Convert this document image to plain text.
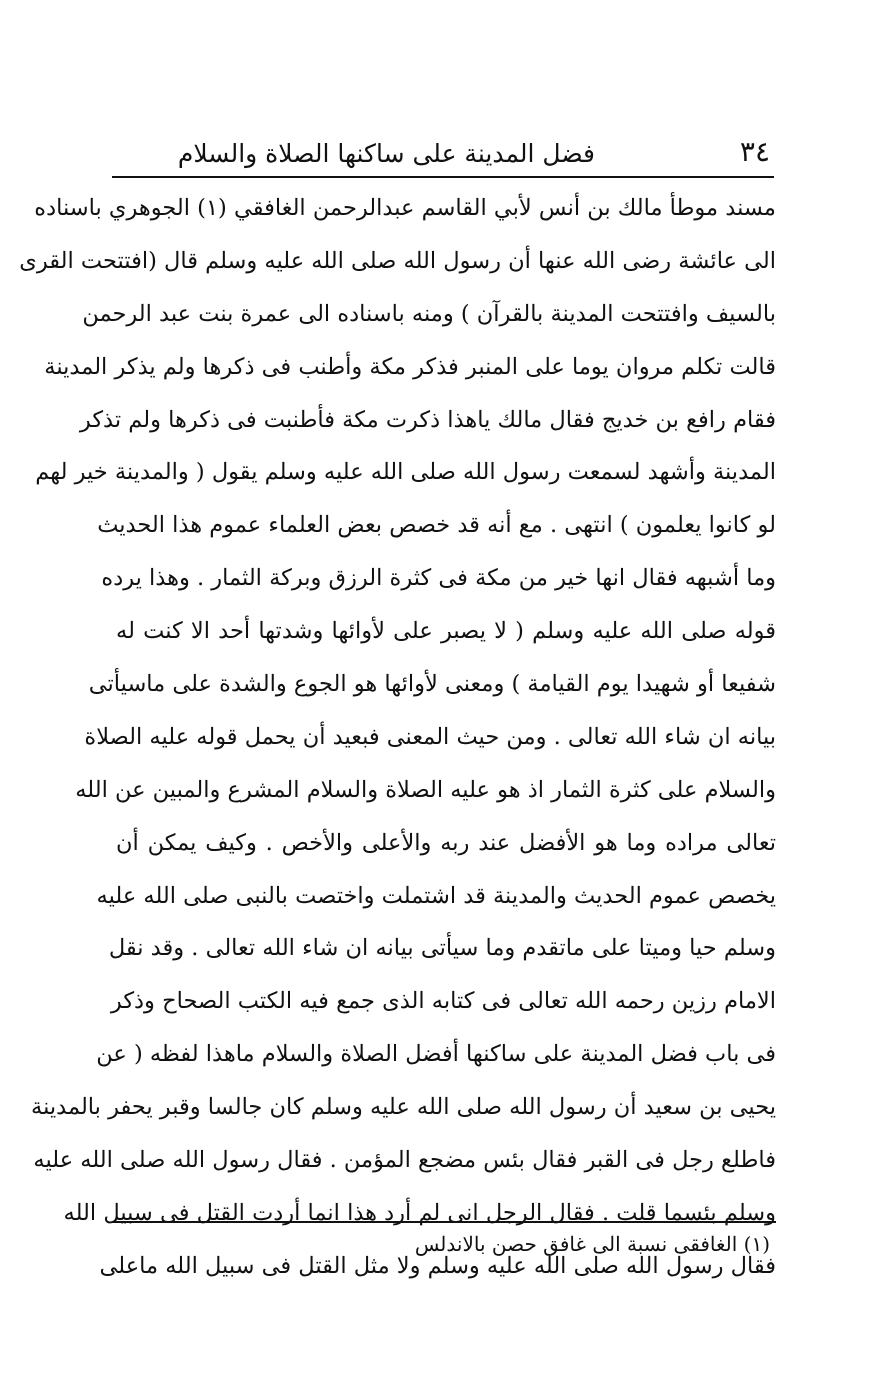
٣٤
فضل المدينة على ساكنها الصلاة والسلام
مسند موطأ مالك بن أنس لأبي القاسم عبدالرحمن الغافقي (١) الجوهري باسناده
الى عائشة رضى الله عنها أن رسول الله صلى الله عليه وسلم قال (افتتحت القرى
بالسيف وافتتحت المدينة بالقرآن ) ومنه باسناده الى عمرة بنت عبد الرحمن
قالت تكلم مروان يوما على المنبر فذكر مكة وأطنب فى ذكرها ولم يذكر المدينة
فقام رافع بن خديج فقال مالك ياهذا ذكرت مكة فأطنبت فى ذكرها ولم تذكر
المدينة وأشهد لسمعت رسول الله صلى الله عليه وسلم يقول ( والمدينة خير لهم
لو كانوا يعلمون ) انتهى . مع أنه قد خصص بعض العلماء عموم هذا الحديث
وما أشبهه فقال انها خير من مكة فى كثرة الرزق وبركة الثمار . وهذا يرده
قوله صلى الله عليه وسلم ( لا يصبر على لأوائها وشدتها أحد الا كنت له
شفيعا أو شهيدا يوم القيامة ) ومعنى لأوائها هو الجوع والشدة على ماسيأتى
بيانه ان شاء الله تعالى . ومن حيث المعنى فبعيد أن يحمل قوله عليه الصلاة
والسلام على كثرة الثمار اذ هو عليه الصلاة والسلام المشرع والمبين عن الله
تعالى مراده وما هو الأفضل عند ربه والأعلى والأخص . وكيف يمكن أن
يخصص عموم الحديث والمدينة قد اشتملت واختصت بالنبى صلى الله عليه
وسلم حيا وميتا على ماتقدم وما سيأتى بيانه ان شاء الله تعالى . وقد نقل
الامام رزين رحمه الله تعالى فى كتابه الذى جمع فيه الكتب الصحاح وذكر
فى باب فضل المدينة على ساكنها أفضل الصلاة والسلام ماهذا لفظه ( عن
يحيى بن سعيد أن رسول الله صلى الله عليه وسلم كان جالسا وقبر يحفر بالمدينة
فاطلع رجل فى القبر فقال بئس مضجع المؤمن . فقال رسول الله صلى الله عليه
وسلم بئسما قلت . فقال الرجل انى لم أرد هذا انما أردت القتل فى سبيل الله
فقال رسول الله صلى الله عليه وسلم ولا مثل القتل فى سبيل الله ماعلى
(١) الغافقى نسبة الى غافق حصن بالاندلس
